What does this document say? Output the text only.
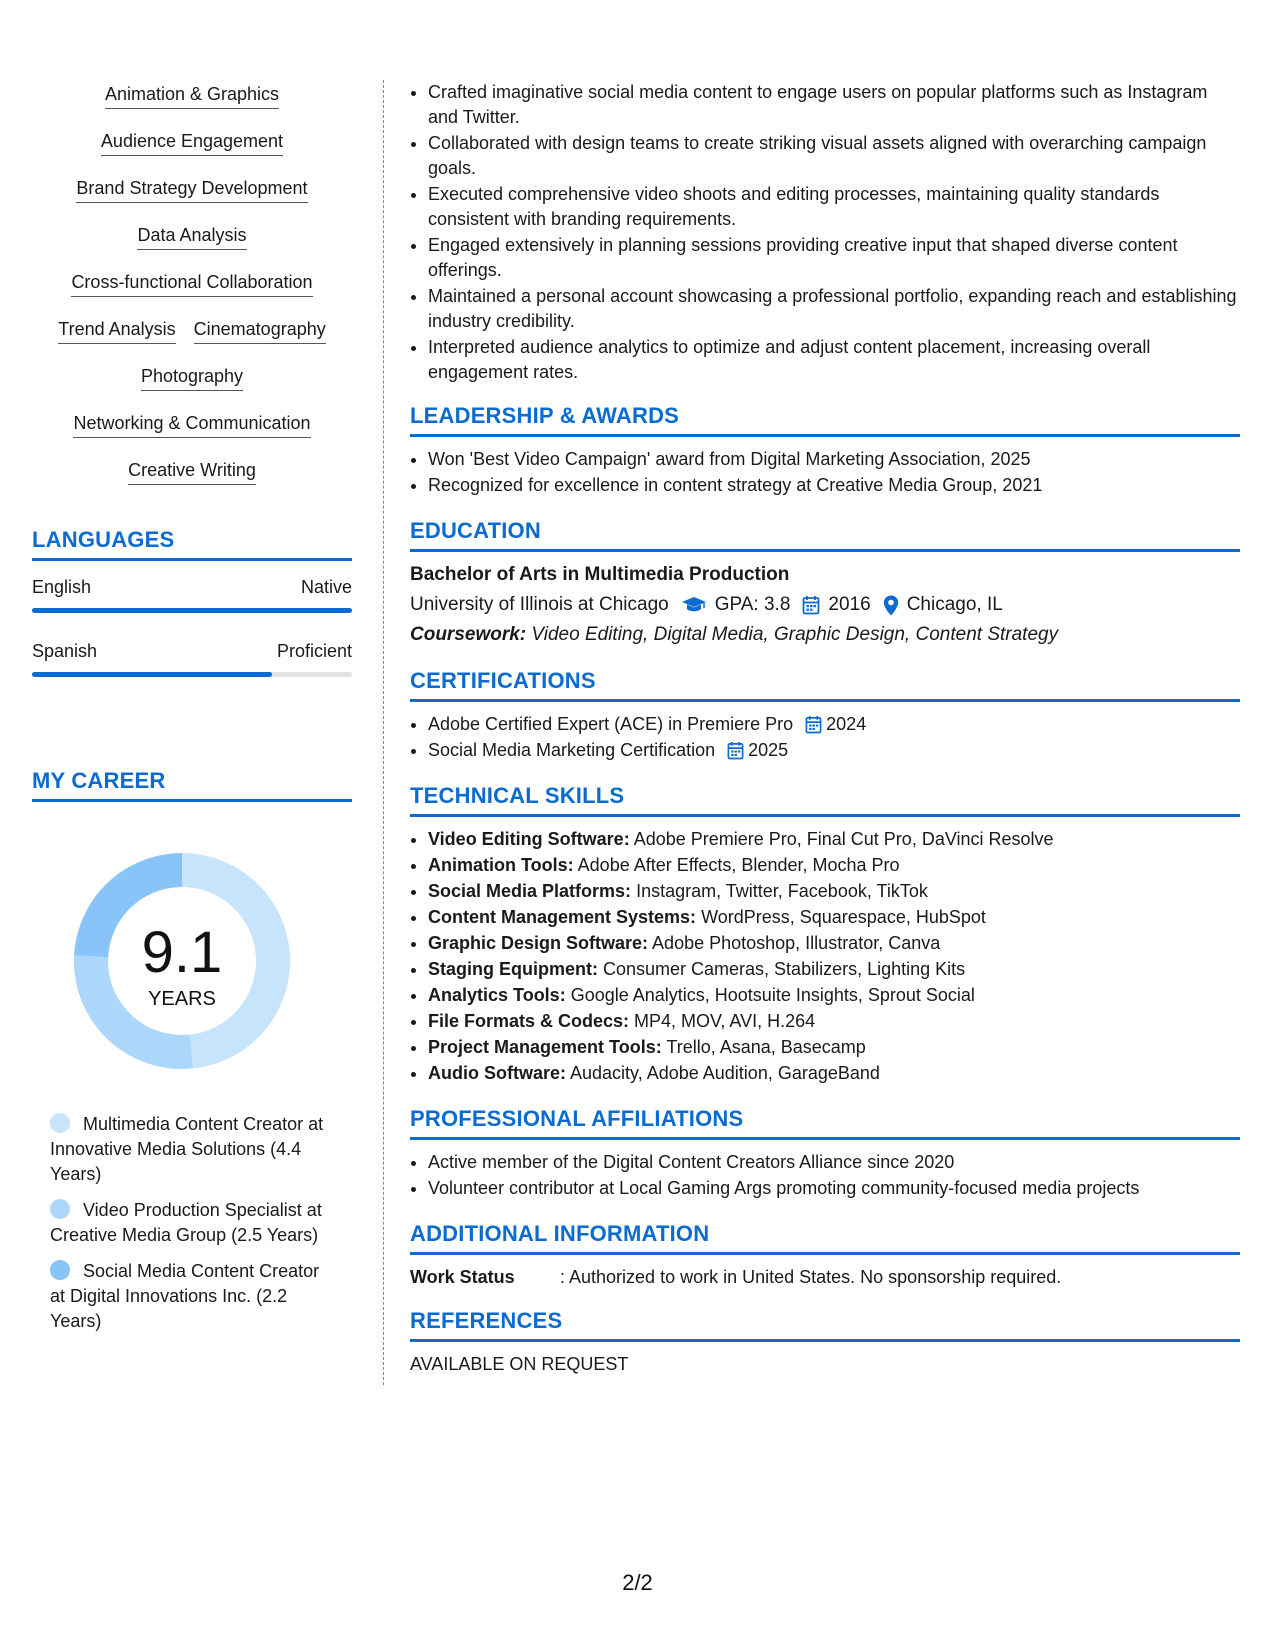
Animation & Graphics
Audience Engagement
Brand Strategy Development
Data Analysis
Cross-functional Collaboration
Trend Analysis Cinematography
Photography
Networking & Communication
Creative Writing
LANGUAGES
English	Native
Spanish	Proficient
MY CAREER
9.1
YEARS
Multimedia Content Creator at Innovative Media Solutions (4.4 Years)
Video Production Specialist at Creative Media Group (2.5 Years)
Social Media Content Creator at Digital Innovations Inc. (2.2 Years)
• Crafted imaginative social media content to engage users on popular platforms such as Instagram and Twitter.
• Collaborated with design teams to create striking visual assets aligned with overarching campaign goals.
• Executed comprehensive video shoots and editing processes, maintaining quality standards consistent with branding requirements.
• Engaged extensively in planning sessions providing creative input that shaped diverse content offerings.
• Maintained a personal account showcasing a professional portfolio, expanding reach and establishing industry credibility.
• Interpreted audience analytics to optimize and adjust content placement, increasing overall engagement rates.
LEADERSHIP & AWARDS
• Won 'Best Video Campaign' award from Digital Marketing Association, 2025
• Recognized for excellence in content strategy at Creative Media Group, 2021
EDUCATION
Bachelor of Arts in Multimedia Production
University of Illinois at Chicago GPA: 3.8 2016 Chicago, IL
Coursework: Video Editing, Digital Media, Graphic Design, Content Strategy
CERTIFICATIONS
• Adobe Certified Expert (ACE) in Premiere Pro 2024
• Social Media Marketing Certification 2025
TECHNICAL SKILLS
• Video Editing Software: Adobe Premiere Pro, Final Cut Pro, DaVinci Resolve
• Animation Tools: Adobe After Effects, Blender, Mocha Pro
• Social Media Platforms: Instagram, Twitter, Facebook, TikTok
• Content Management Systems: WordPress, Squarespace, HubSpot
• Graphic Design Software: Adobe Photoshop, Illustrator, Canva
• Staging Equipment: Consumer Cameras, Stabilizers, Lighting Kits
• Analytics Tools: Google Analytics, Hootsuite Insights, Sprout Social
• File Formats & Codecs: MP4, MOV, AVI, H.264
• Project Management Tools: Trello, Asana, Basecamp
• Audio Software: Audacity, Adobe Audition, GarageBand
PROFESSIONAL AFFILIATIONS
• Active member of the Digital Content Creators Alliance since 2020
• Volunteer contributor at Local Gaming Args promoting community-focused media projects
ADDITIONAL INFORMATION
Work Status	: Authorized to work in United States. No sponsorship required.
REFERENCES
AVAILABLE ON REQUEST
2/2
